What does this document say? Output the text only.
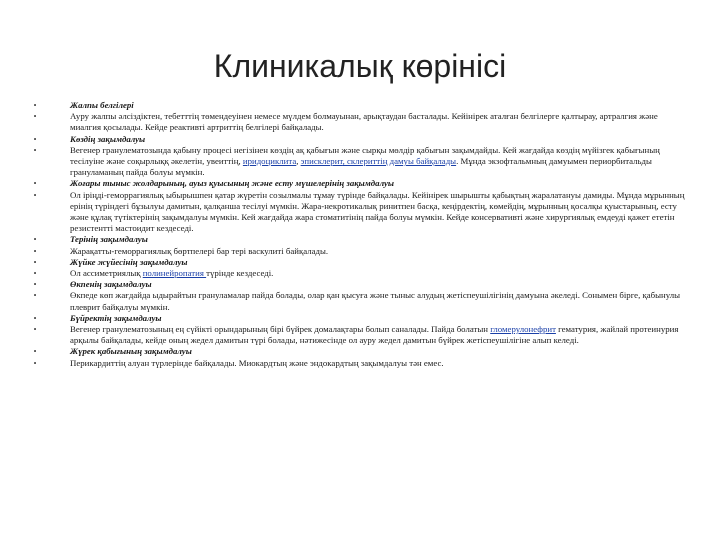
Клиникалық көрінісі
•	Жалпы белгілері
•	Ауру жалпы әлсіздіктен, тебетттің төмендеуінен немесе мүлдем болмауынан, арықтаудан басталады. Кейінірек аталған белгілерге қалтырау, артралгия және миалгия қосылады. Кейде реактивті артриттің белгілері байқалады.
•	Көздің зақымдалуы
•	Вегенер гранулематозында қабыну процесі негізінен көздің ақ қабығын және сырқы мөлдір қабығын зақымдайды. Кей жағдайда көздің мүйізгек қабығының тесілуіне және соқырлыққ әкелетін, увеиттің, иридоциклита, эписклерит, склериттің дамуы байқалады. Мұнда экзофтальмның дамуымен периорбитальды грануламаның пайда болуы мүмкін.
•	Жоғары тыныс жолдарының, ауыз қуысының және есту мүшелерінің зақымдалуы
•	Ол іріңді-геморрагиялық ыбырышпен қатар жүретін созылмалы тұмау түрінде байқалады. Кейінірек шырышты қабықтың жаралатануы дамиды. Мұнда мұрынның ерінің түріндегі бұзылуы дамитын, қалқанша тесілуі мүмкін. Жара-некротикалық ринитпен басқа, кеңірдектің, көмейдің, мұрынның қосалқы қуыстарының, есту және құлақ түтіктерінің зақымдалуы мүмкін. Кей жағдайда жара стоматитінің пайда болуы мүмкін. Кейде консервативті және хирургиялық емдеуді қажет ететін резистентті мастоидит кездеседі.
•	Терінің зақымдалуы
•	Жарақатты-геморрагиялық бөртпелері бар тері васкулиті байқалады.
•	Жүйке жүйесінің зақымдалуы
•	Ол ассиметриялық полинейропатия түрінде кездеседі.
•	Өкпенің зақымдалуы
•	Өкпеде көп жағдайда ыдырайтын грануламалар пайда болады, олар қан қысуға және тыныс алудың жетіспеушілігінің дамуына әкеледі. Сонымен бірге, қабынулы плеврит байқалуы мүмкін.
•	Бүйректің зақымдалуы
•	Вегенер гранулематозының ең сүйікті орындарының бірі бүйрек домалақтары болып саналады. Пайда болатын гломерулонефрит гематурия, жайлай протеинурия арқылы байқалады, кейде оның жедел дамитын түрі болады, нәтижесінде ол ауру жедел дамитын бүйрек жетіспеушілігіне алып келеді.
•	Жүрек қабығының зақымдалуы
•	Перикардиттің алуан түрлерінде байқалады. Миокардтың және эндокардтың зақымдалуы тән емес.
